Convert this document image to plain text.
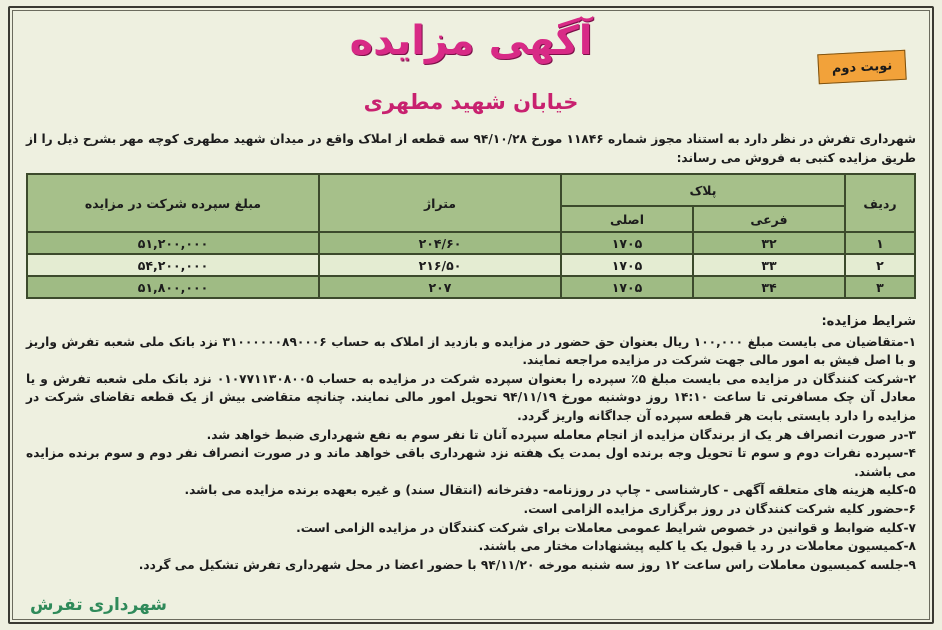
آگهی مزایده
نوبت دوم
خیابان شهید مطهری
شهرداری تفرش در نظر دارد به استناد مجوز شماره ۱۱۸۴۶ مورخ ۹۴/۱۰/۲۸ سه قطعه از املاک واقع در میدان شهید مطهری کوچه مهر بشرح ذیل را از طریق مزایده کتبی به فروش می رساند:
ردیف	پلاک		متراژ	مبلغ سپرده شرکت در مزایده
	فرعی	اصلی		
۱	۳۲	۱۷۰۵	۲۰۴/۶۰	۵۱,۲۰۰,۰۰۰
۲	۳۳	۱۷۰۵	۲۱۶/۵۰	۵۴,۲۰۰,۰۰۰
۳	۳۴	۱۷۰۵	۲۰۷	۵۱,۸۰۰,۰۰۰
شرایط مزایده:
۱-متقاضیان می بایست مبلغ ۱۰۰,۰۰۰ ریال بعنوان حق حضور در مزایده و بازدید از املاک به حساب ۳۱۰۰۰۰۰۰۸۹۰۰۰۶ نزد بانک ملی شعبه تفرش واریز و با اصل فیش به امور مالی جهت شرکت در مزایده مراجعه نمایند.
۲-شرکت کنندگان در مزایده می بایست مبلغ ۵٪ سپرده را بعنوان سپرده شرکت در مزایده به حساب ۰۱۰۷۷۱۱۳۰۸۰۰۵ نزد بانک ملی شعبه تفرش و یا معادل آن چک مسافرتی تا ساعت ۱۴:۱۰ روز دوشنبه مورخ ۹۴/۱۱/۱۹ تحویل امور مالی نمایند. چنانچه متقاضی بیش از یک قطعه تقاضای شرکت در مزایده را دارد بایستی بابت هر قطعه سپرده آن جداگانه واریز گردد.
۳-در صورت انصراف هر یک از برندگان مزایده از انجام معامله سپرده آنان تا نفر سوم به نفع شهرداری ضبط خواهد شد.
۴-سپرده نفرات دوم و سوم تا تحویل وجه برنده اول بمدت یک هفته نزد شهرداری باقی خواهد ماند و در صورت انصراف نفر دوم و سوم برنده مزایده می باشند.
۵-کلیه هزینه های متعلقه آگهی - کارشناسی - چاپ در روزنامه- دفترخانه (انتقال سند) و غیره بعهده برنده مزایده می باشد.
۶-حضور کلیه شرکت کنندگان در روز برگزاری مزایده الزامی است.
۷-کلیه ضوابط و قوانین در خصوص شرایط عمومی معاملات برای شرکت کنندگان در مزایده الزامی است.
۸-کمیسیون معاملات در رد یا قبول یک یا کلیه پیشنهادات مختار می باشند.
۹-جلسه کمیسیون معاملات راس ساعت ۱۲ روز سه شنبه مورخه ۹۴/۱۱/۲۰ با حضور اعضا در محل شهرداری تفرش تشکیل می گردد.
شهرداری تفرش
